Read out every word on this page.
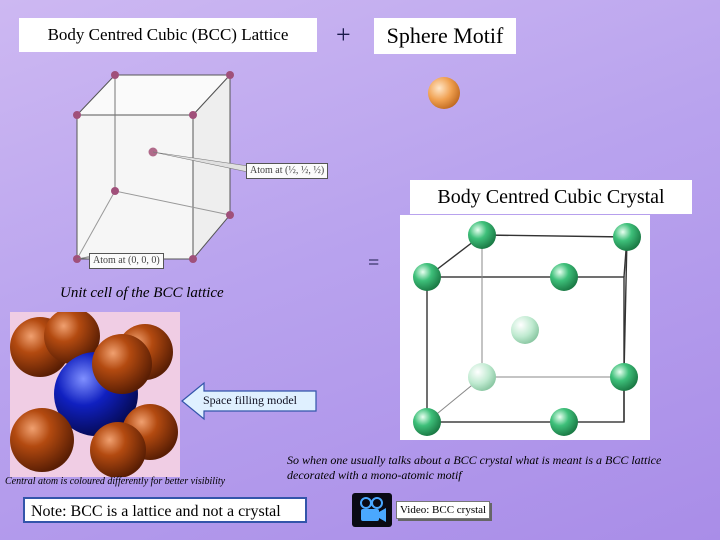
Body Centred Cubic (BCC) Lattice	+	Sphere Motif
Atom at (½, ½, ½)
Atom at (0, 0, 0)
Unit cell of the BCC lattice
Body Centred Cubic Crystal
=
Space filling model
Central atom is coloured differently for better visibility
So when one usually talks about a BCC crystal what is meant is a BCC lattice decorated with a mono-atomic motif
Note: BCC is a lattice and not a crystal	Video: BCC crystal
